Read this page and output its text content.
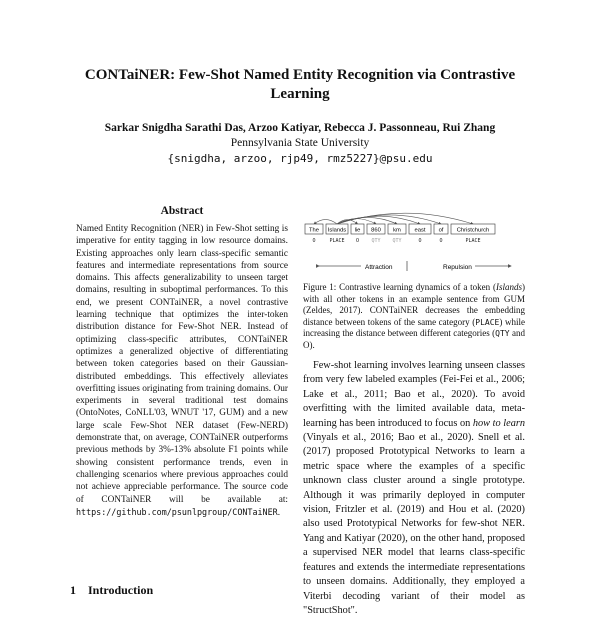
CONTaiNER: Few-Shot Named Entity Recognition via Contrastive
Learning
Sarkar Snigdha Sarathi Das, Arzoo Katiyar, Rebecca J. Passonneau, Rui Zhang
Pennsylvania State University
{snigdha, arzoo, rjp49, rmz5227}@psu.edu
Abstract

Named Entity Recognition (NER) in Few-Shot setting is imperative for entity tagging in low resource domains. Existing approaches only learn class-specific semantic features and intermediate representations from source domains. This affects generalizability to unseen target domains, resulting in suboptimal performances. To this end, we present CONTaiNER, a novel contrastive learning technique that optimizes the inter-token distribution distance for Few-Shot NER. Instead of optimizing class-specific attributes, CONTaiNER optimizes a generalized objective of differentiating between token categories based on their Gaussian-distributed embeddings. This effectively alleviates overfitting issues originating from training domains. Our experiments in several traditional test domains (OntoNotes, CoNLL'03, WNUT '17, GUM) and a new large scale Few-Shot NER dataset (Few-NERD) demonstrate that, on average, CONTaiNER outperforms previous methods by 3%-13% absolute F1 points while showing consistent performance trends, even in challenging scenarios where previous approaches could not achieve appreciable performance. The source code of CONTaiNER will be available at: https://github.com/psunlpgroup/CONTaiNER.

1 Introduction
The Islands lie 860 km east of Christchurch
O	PLACE O QTY QTY	O	O	PLACE
Attraction	Repulsion

Figure 1: Contrastive learning dynamics of a token (Islands) with all other tokens in an example sentence from GUM (Zeldes, 2017). CONTaiNER decreases the embedding distance between tokens of the same category (PLACE) while increasing the distance between different categories (QTY and O).

Few-shot learning involves learning unseen classes from very few labeled examples (Fei-Fei et al., 2006; Lake et al., 2011; Bao et al., 2020). To avoid overfitting with the limited available data, meta-learning has been introduced to focus on how to learn (Vinyals et al., 2016; Bao et al., 2020). Snell et al. (2017) proposed Prototypical Networks to learn a metric space where the examples of a specific unknown class cluster around a single prototype. Although it was primarily deployed in computer vision, Fritzler et al. (2019) and Hou et al. (2020) also used Prototypical Networks for few-shot NER. Yang and Katiyar (2020), on the other hand, proposed a supervised NER model that learns class-specific features and extends the intermediate representations to unseen domains. Additionally, they employed a Viterbi decoding variant of their model as "StructShot".
